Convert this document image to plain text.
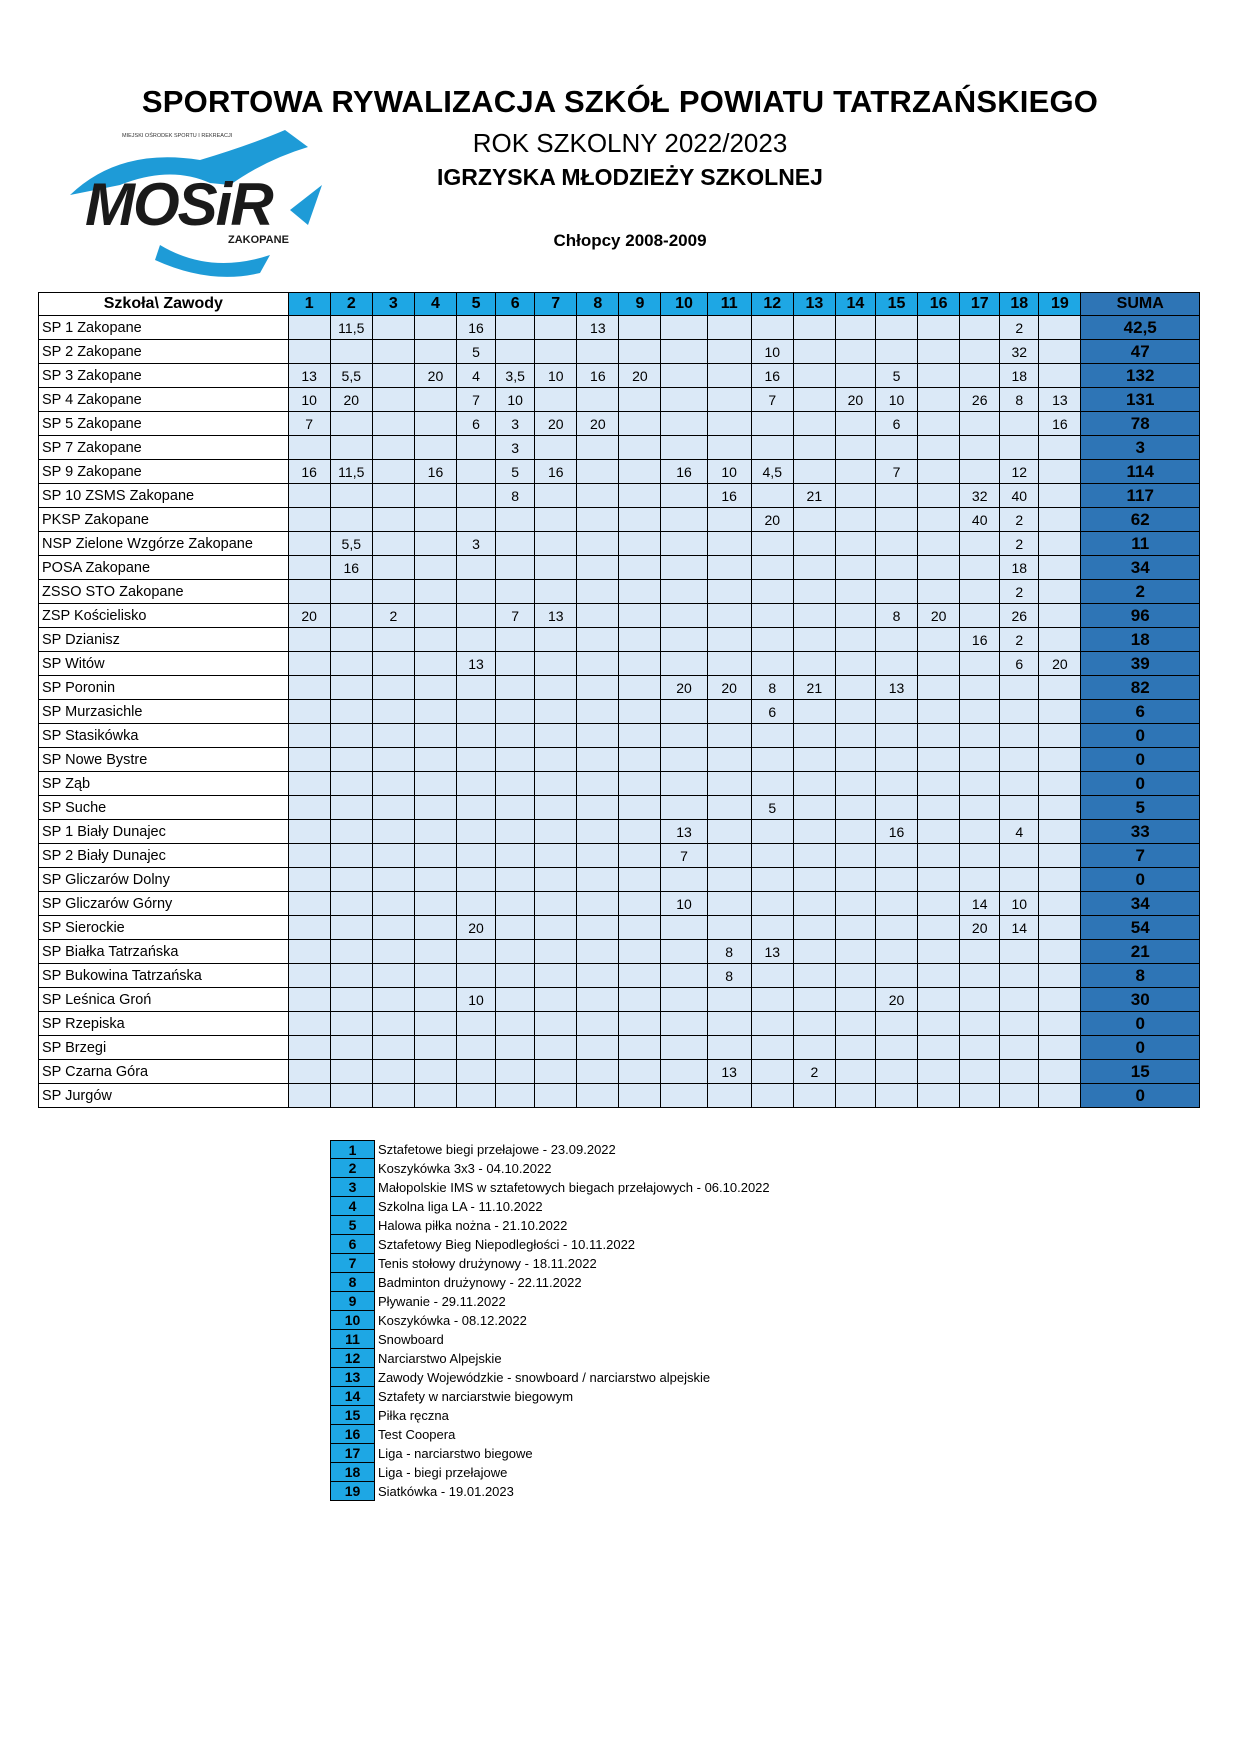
SPORTOWA RYWALIZACJA SZKÓŁ POWIATU TATRZAŃSKIEGO
MIEJSKI OŚRODEK SPORTU I REKREACJI
MOSiR
ZAKOPANE
ROK SZKOLNY 2022/2023
IGRZYSKA MŁODZIEŻY SZKOLNEJ
Chłopcy 2008-2009
Szkoła\ Zawody	1	2	3	4	5	6	7	8	9	10	11	12	13	14	15	16	17	18	19	SUMA
SP 1 Zakopane		11,5			16			13										2		42,5
SP 2 Zakopane					5							10						32		47
SP 3 Zakopane	13	5,5		20	4	3,5	10	16	20			16			5			18		132
SP 4 Zakopane	10	20			7	10						7		20	10		26	8	13	131
SP 5 Zakopane	7				6	3	20	20							6				16	78
SP 7 Zakopane						3														3
SP 9 Zakopane	16	11,5		16		5	16			16	10	4,5			7			12		114
SP 10 ZSMS Zakopane						8					16		21				32	40		117
PKSP Zakopane												20					40	2		62
NSP Zielone Wzgórze Zakopane		5,5			3													2		11
POSA Zakopane		16																18		34
ZSSO STO Zakopane																		2		2
ZSP Kościelisko	20		2			7	13								8	20		26		96
SP Dzianisz																	16	2		18
SP Witów					13													6	20	39
SP Poronin										20	20	8	21		13					82
SP Murzasichle												6								6
SP Stasikówka																				0
SP Nowe Bystre																				0
SP Ząb																				0
SP Suche												5								5
SP 1 Biały Dunajec										13					16			4		33
SP 2 Biały Dunajec										7										7
SP Gliczarów Dolny																				0
SP Gliczarów Górny										10							14	10		34
SP Sierockie					20												20	14		54
SP Białka Tatrzańska											8	13								21
SP Bukowina Tatrzańska											8									8
SP Leśnica Groń					10										20					30
SP Rzepiska																				0
SP Brzegi																				0
SP Czarna Góra											13		2							15
SP Jurgów																				0
1	Sztafetowe biegi przełajowe - 23.09.2022
2	Koszykówka 3x3 - 04.10.2022
3	Małopolskie IMS w sztafetowych biegach przełajowych - 06.10.2022
4	Szkolna liga LA - 11.10.2022
5	Halowa piłka nożna - 21.10.2022
6	Sztafetowy Bieg Niepodległości - 10.11.2022
7	Tenis stołowy drużynowy - 18.11.2022
8	Badminton drużynowy - 22.11.2022
9	Pływanie - 29.11.2022
10	Koszykówka - 08.12.2022
11	Snowboard
12	Narciarstwo Alpejskie
13	Zawody Wojewódzkie - snowboard / narciarstwo alpejskie
14	Sztafety w narciarstwie biegowym
15	Piłka ręczna
16	Test Coopera
17	Liga - narciarstwo biegowe
18	Liga - biegi przełajowe
19	Siatkówka - 19.01.2023
